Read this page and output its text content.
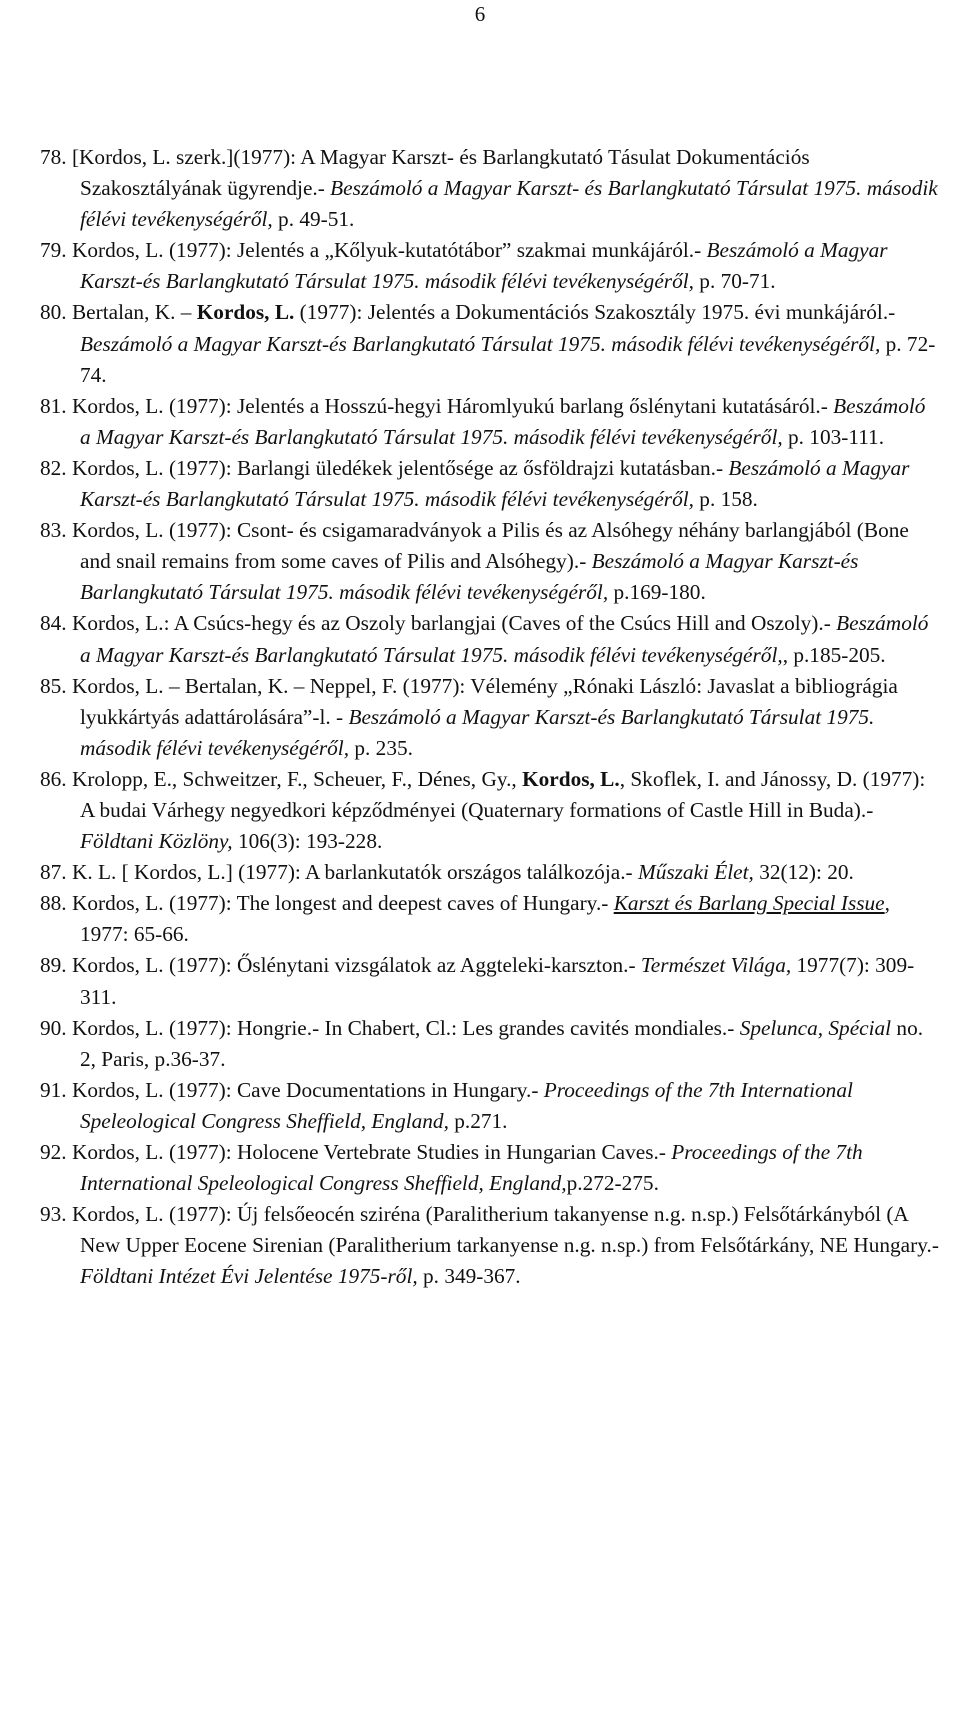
6
78. [Kordos, L. szerk.](1977): A Magyar Karszt- és Barlangkutató Tásulat Dokumentációs Szakosztályának ügyrendje.- Beszámoló a Magyar Karszt- és Barlangkutató Társulat 1975. második félévi tevékenységéről, p. 49-51.
79. Kordos, L. (1977): Jelentés a „Kőlyuk-kutatótábor” szakmai munkájáról.- Beszámoló a Magyar Karszt-és Barlangkutató Társulat 1975. második félévi tevékenységéről, p. 70-71.
80. Bertalan, K. – Kordos, L. (1977): Jelentés a Dokumentációs Szakosztály 1975. évi munkájáról.- Beszámoló a Magyar Karszt-és Barlangkutató Társulat 1975. második félévi tevékenységéről, p. 72-74.
81. Kordos, L. (1977): Jelentés a Hosszú-hegyi Háromlyukú barlang őslénytani kutatásáról.- Beszámoló a Magyar Karszt-és Barlangkutató Társulat 1975. második félévi tevékenységéről, p. 103-111.
82. Kordos, L. (1977): Barlangi üledékek jelentősége az ősföldrajzi kutatásban.- Beszámoló a Magyar Karszt-és Barlangkutató Társulat 1975. második félévi tevékenységéről, p. 158.
83. Kordos, L. (1977): Csont- és csigamaradványok a Pilis és az Alsóhegy néhány barlangjából (Bone and snail remains from some caves of Pilis and Alsóhegy).- Beszámoló a Magyar Karszt-és Barlangkutató Társulat 1975. második félévi tevékenységéről, p.169-180.
84. Kordos, L.: A Csúcs-hegy és az Oszoly barlangjai (Caves of the Csúcs Hill and Oszoly).- Beszámoló a Magyar Karszt-és Barlangkutató Társulat 1975. második félévi tevékenységéről,, p.185-205.
85. Kordos, L. – Bertalan, K. – Neppel, F. (1977): Vélemény „Rónaki László: Javaslat a bibliográgia lyukkártyás adattárolására”-l. - Beszámoló a Magyar Karszt-és Barlangkutató Társulat 1975. második félévi tevékenységéről, p. 235.
86. Krolopp, E., Schweitzer, F., Scheuer, F., Dénes, Gy., Kordos, L., Skoflek, I. and Jánossy, D. (1977): A budai Várhegy negyedkori képződményei (Quaternary formations of Castle Hill in Buda).- Földtani Közlöny, 106(3): 193-228.
87. K. L. [ Kordos, L.] (1977): A barlankutatók országos találkozója.- Műszaki Élet, 32(12): 20.
88. Kordos, L. (1977): The longest and deepest caves of Hungary.- Karszt és Barlang Special Issue, 1977: 65-66.
89. Kordos, L. (1977): Őslénytani vizsgálatok az Aggteleki-karszton.- Természet Világa, 1977(7): 309-311.
90. Kordos, L. (1977): Hongrie.- In Chabert, Cl.: Les grandes cavités mondiales.- Spelunca, Spécial no. 2, Paris, p.36-37.
91. Kordos, L. (1977): Cave Documentations in Hungary.- Proceedings of the 7th International Speleological Congress Sheffield, England, p.271.
92. Kordos, L. (1977): Holocene Vertebrate Studies in Hungarian Caves.- Proceedings of the 7th International Speleological Congress Sheffield, England,p.272-275.
93. Kordos, L. (1977): Új felsőeocén sziréna (Paralitherium takanyense n.g. n.sp.) Felsőtárkányból (A New Upper Eocene Sirenian (Paralitherium tarkanyense n.g. n.sp.) from Felsőtárkány, NE Hungary.- Földtani Intézet Évi Jelentése 1975-ről, p. 349-367.
